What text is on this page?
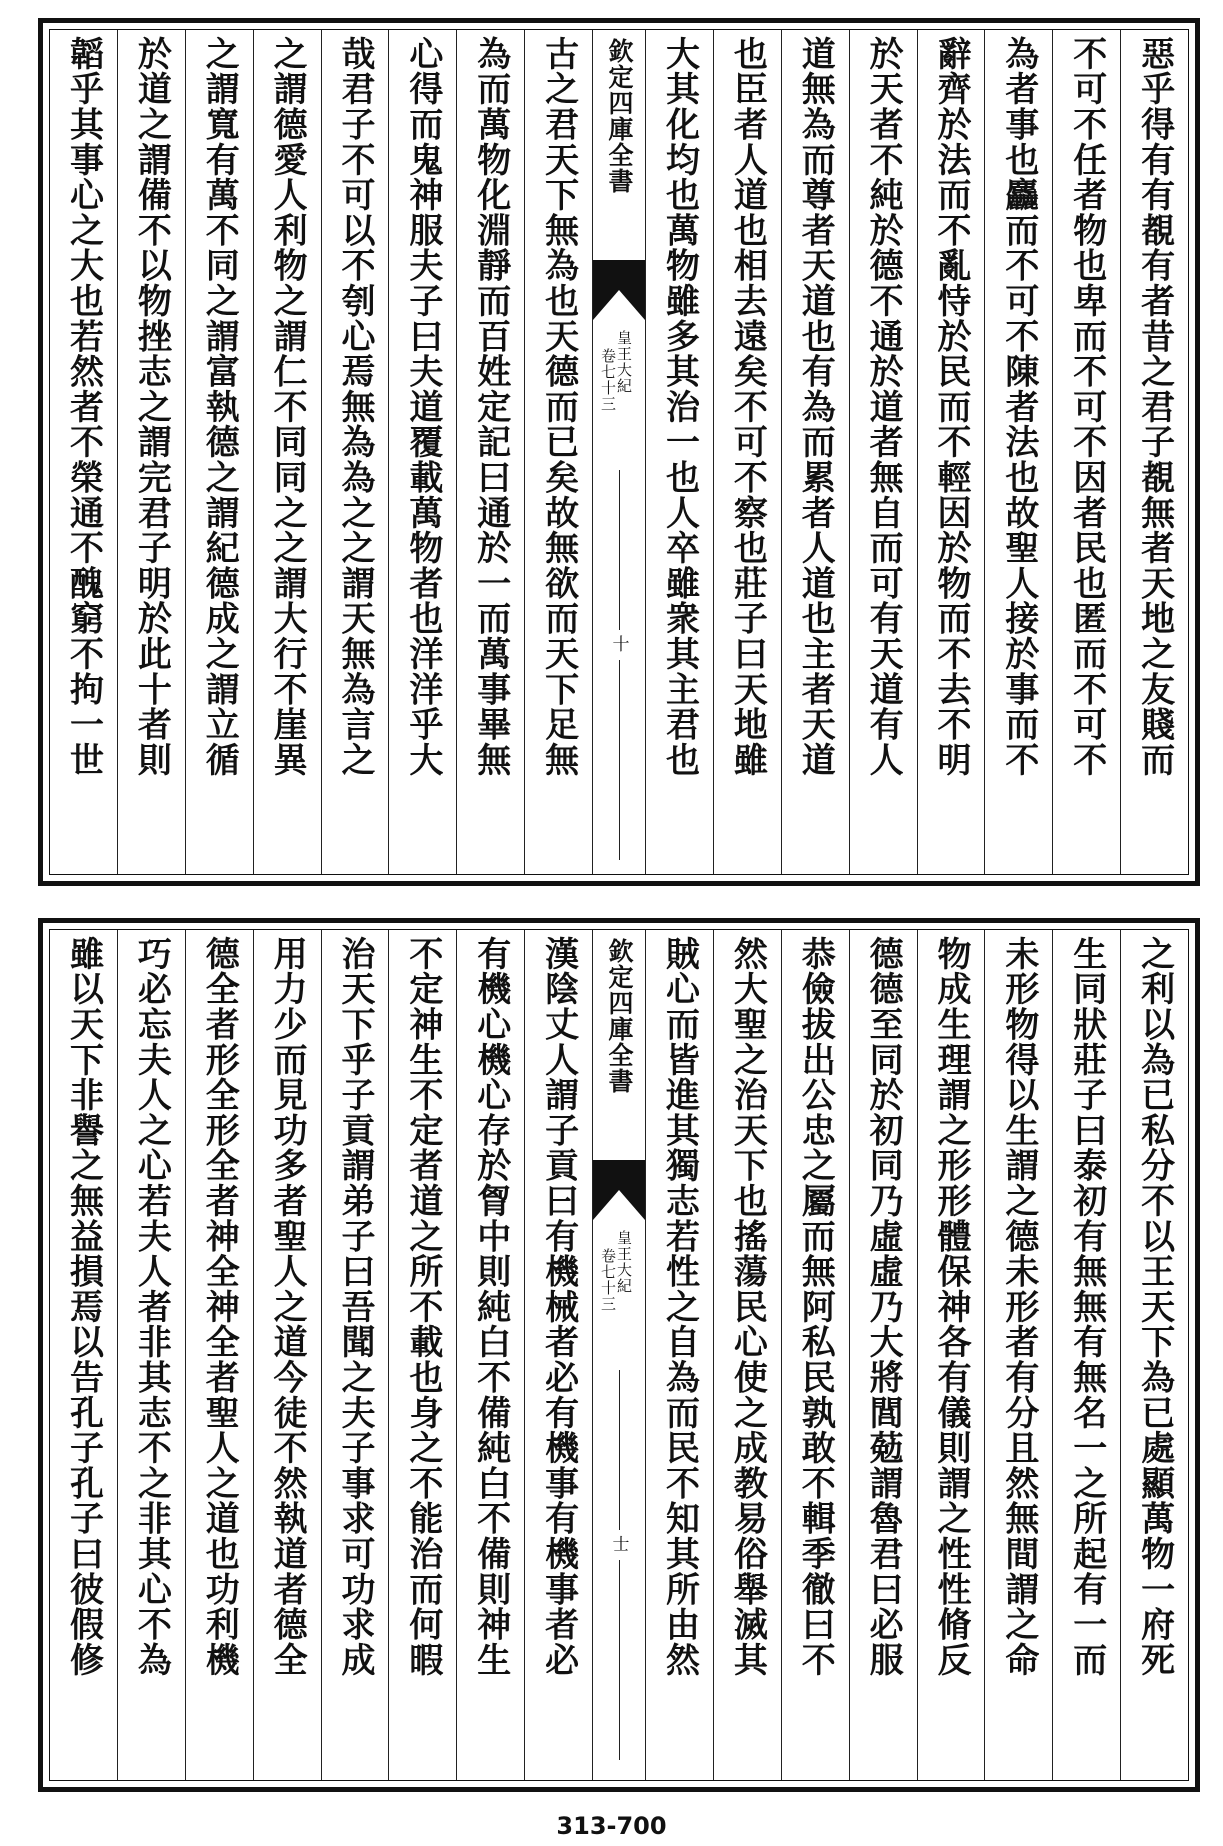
惡乎得有有覩有者昔之君子覩無者天地之友賤而
不可不任者物也卑而不可不因者民也匿而不可不
為者事也麤而不可不陳者法也故聖人接於事而不
辭齊於法而不亂恃於民而不輕因於物而不去不明
於天者不純於德不通於道者無自而可有天道有人
道無為而尊者天道也有為而累者人道也主者天道
也臣者人道也相去遠矣不可不察也莊子曰天地雖
大其化均也萬物雖多其治一也人卒雖衆其主君也
欽定四庫全書
皇王大紀
卷七十三
十
古之君天下無為也天德而已矣故無欲而天下足無
為而萬物化淵靜而百姓定記曰通於一而萬事畢無
心得而鬼神服夫子曰夫道覆載萬物者也洋洋乎大
哉君子不可以不刳心焉無為為之之謂天無為言之
之謂德愛人利物之謂仁不同同之之謂大行不崖異
之謂寬有萬不同之謂富執德之謂紀德成之謂立循
於道之謂備不以物挫志之謂完君子明於此十者則
韜乎其事心之大也若然者不榮通不醜窮不拘一世
之利以為已私分不以王天下為已處顯萬物一府死
生同狀莊子曰泰初有無無有無名一之所起有一而
未形物得以生謂之德未形者有分且然無間謂之命
物成生理謂之形形體保神各有儀則謂之性性脩反
德德至同於初同乃虛虛乃大將閭葂謂魯君曰必服
恭儉拔出公忠之屬而無阿私民孰敢不輯季徹曰不
然大聖之治天下也搖蕩民心使之成教易俗舉滅其
賊心而皆進其獨志若性之自為而民不知其所由然
欽定四庫全書
皇王大紀
卷七十三
士
漢陰丈人謂子貢曰有機械者必有機事有機事者必
有機心機心存於胷中則純白不備純白不備則神生
不定神生不定者道之所不載也身之不能治而何暇
治天下乎子貢謂弟子曰吾聞之夫子事求可功求成
用力少而見功多者聖人之道今徒不然執道者德全
德全者形全形全者神全神全者聖人之道也功利機
巧必忘夫人之心若夫人者非其志不之非其心不為
雖以天下非譽之無益損焉以告孔子孔子曰彼假修
313-700
